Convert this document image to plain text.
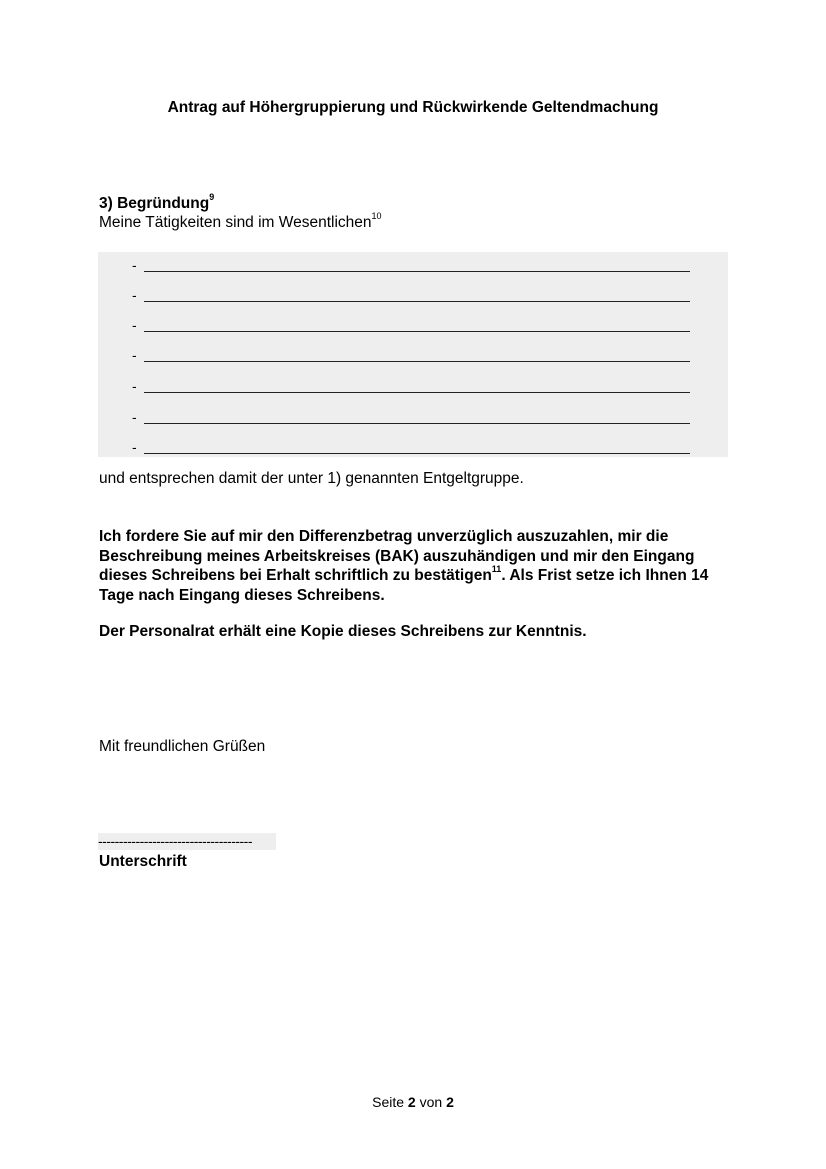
Antrag auf Höhergruppierung und Rückwirkende Geltendmachung
3) Begründung$^9$
Meine Tätigkeiten sind im Wesentlichen$^{10}$
-
-
-
-
-
-
-
und entsprechen damit der unter 1) genannten Entgeltgruppe.
Ich fordere Sie auf mir den Differenzbetrag unverzüglich auszuzahlen, mir die Beschreibung meines Arbeitskreises (BAK) auszuhändigen und mir den Eingang dieses Schreibens bei Erhalt schriftlich zu bestätigen$^{11}$. Als Frist setze ich Ihnen 14 Tage nach Eingang dieses Schreibens.
Der Personalrat erhält eine Kopie dieses Schreibens zur Kenntnis.
Mit freundlichen Grüßen
-------------------------------------
Unterschrift
Seite 2 von 2
